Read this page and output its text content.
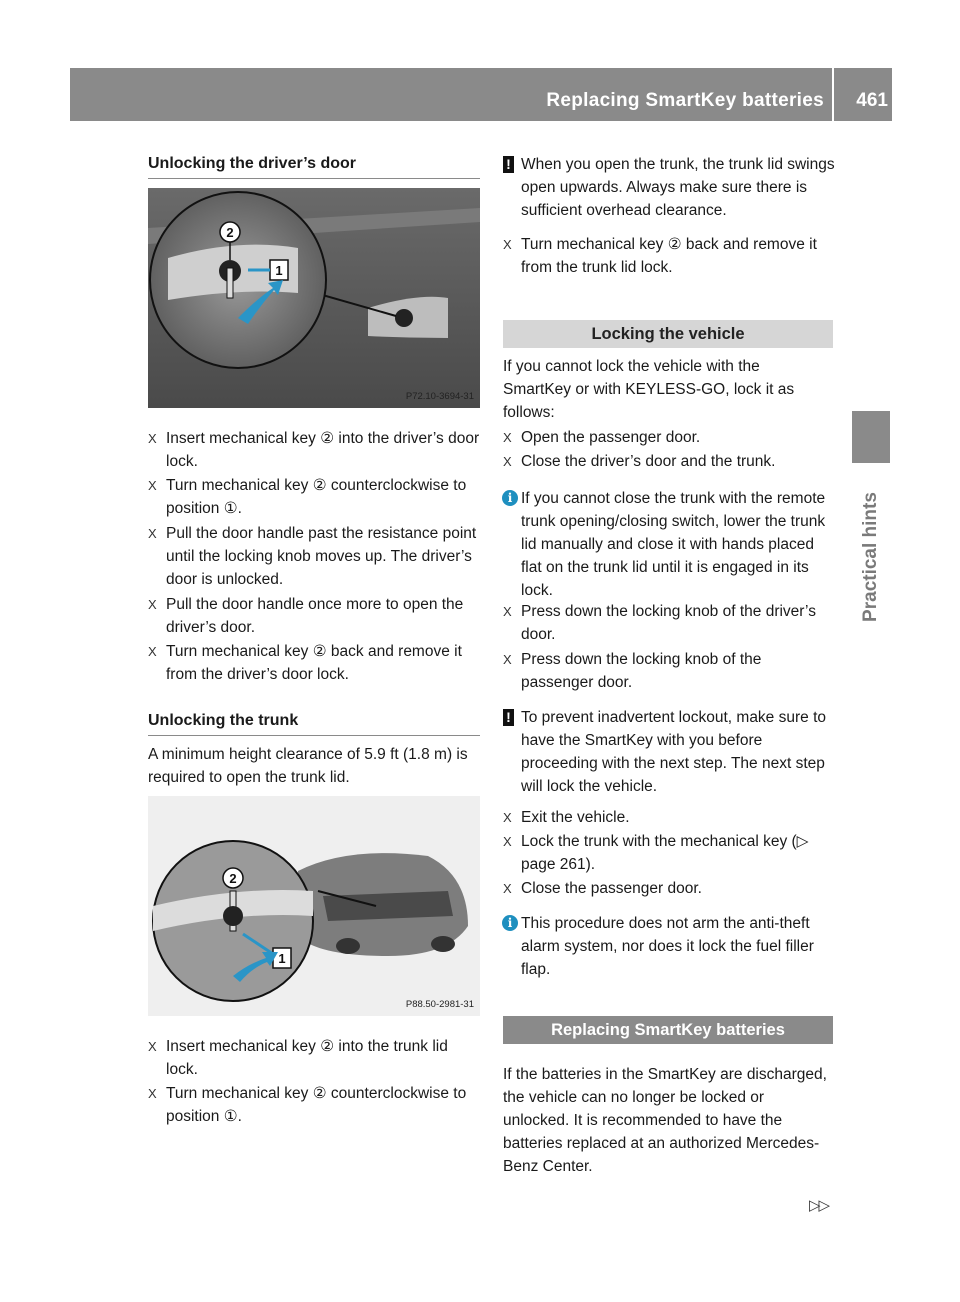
Replacing SmartKey batteries 461
Practical hints
Unlocking the driver’s door
2
1
P72.10-3694-31
X Insert mechanical key ② into the driver’s door lock.

X Turn mechanical key ② counterclockwise to position ①.

X Pull the door handle past the resistance point until the locking knob moves up. The driver’s door is unlocked.

X Pull the door handle once more to open the driver’s door.

X Turn mechanical key ② back and remove it from the driver’s door lock.

Unlocking the trunk
A minimum height clearance of 5.9 ft (1.8 m) is required to open the trunk lid.
2
1
P88.50-2981-31
X Insert mechanical key ② into the trunk lid lock.

X Turn mechanical key ② counterclockwise to position ①.

! When you open the trunk, the trunk lid swings open upwards. Always make sure there is sufficient overhead clearance.

X Turn mechanical key ② back and remove it from the trunk lid lock.

Locking the vehicle
If you cannot lock the vehicle with the SmartKey or with KEYLESS-GO, lock it as follows:
X Open the passenger door.

X Close the driver’s door and the trunk.

i If you cannot close the trunk with the remote trunk opening/closing switch, lower the trunk lid manually and close it with hands placed flat on the trunk lid until it is engaged in its lock.

X Press down the locking knob of the driver’s door.

X Press down the locking knob of the passenger door.

! To prevent inadvertent lockout, make sure to have the SmartKey with you before proceeding with the next step. The next step will lock the vehicle.

X Exit the vehicle.

X Lock the trunk with the mechanical key (▷ page 261).

X Close the passenger door.

i This procedure does not arm the anti-theft alarm system, nor does it lock the fuel filler flap.

Replacing SmartKey batteries
If the batteries in the SmartKey are discharged, the vehicle can no longer be locked or unlocked. It is recommended to have the batteries replaced at an authorized Mercedes-Benz Center.
▷▷
